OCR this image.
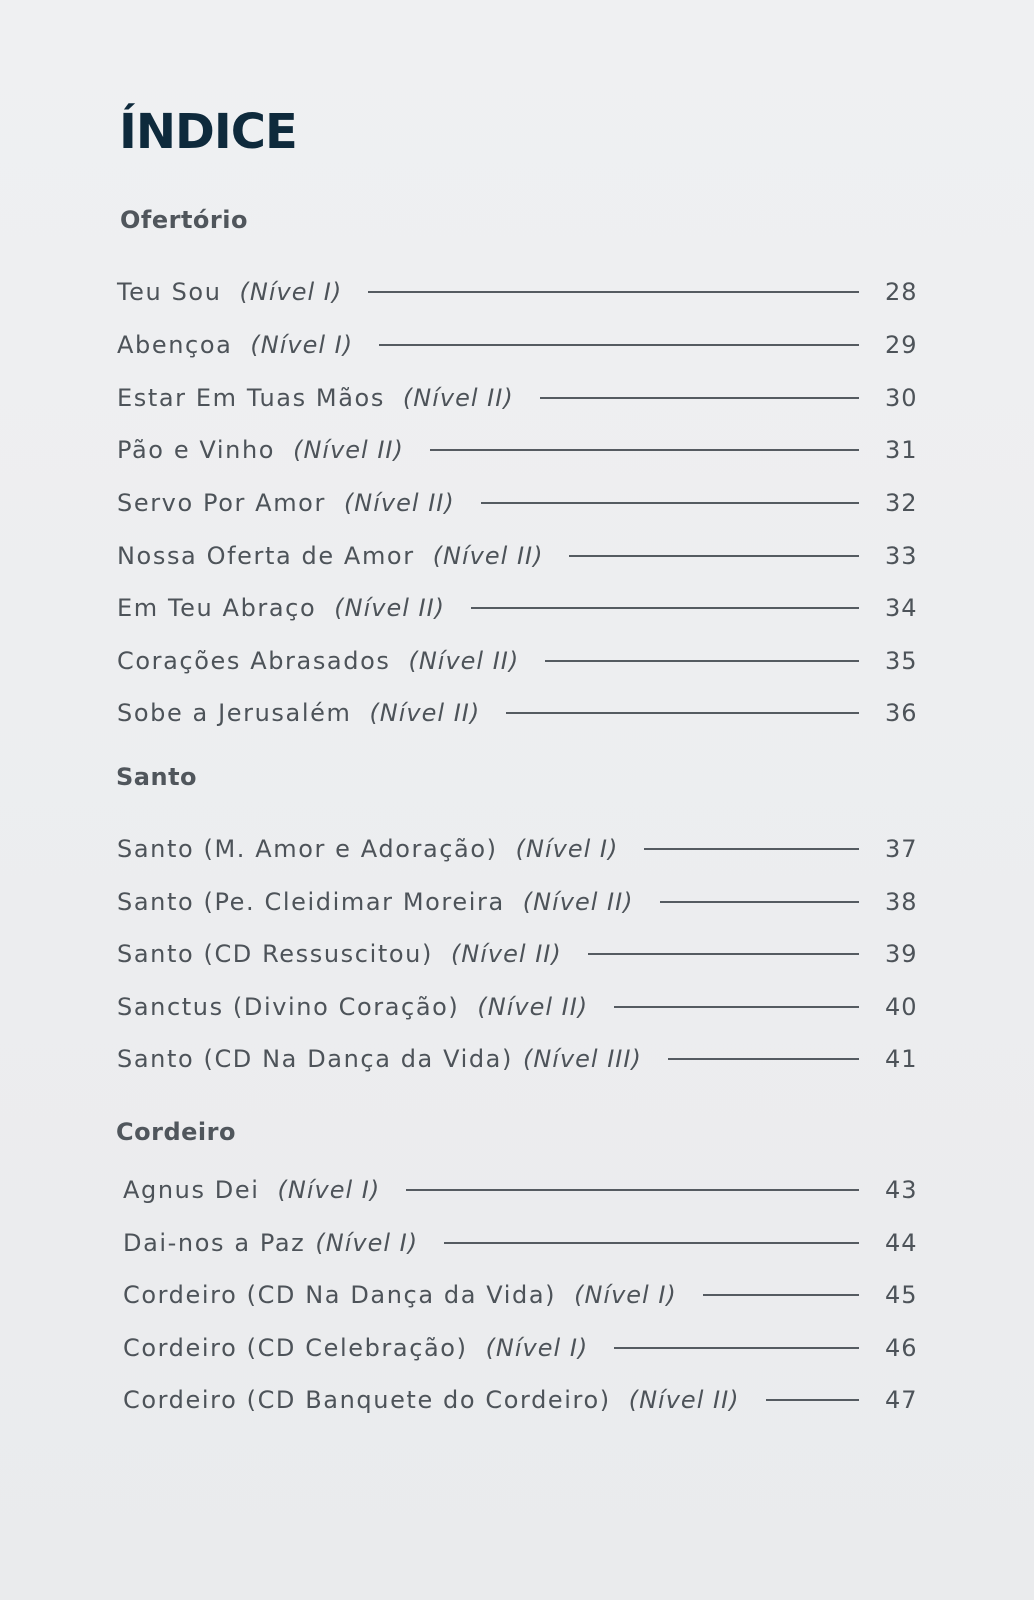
ÍNDICE
Ofertório
Teu Sou (Nível I)	28
Abençoa (Nível I)	29
Estar Em Tuas Mãos (Nível II)	30
Pão e Vinho (Nível II)	31
Servo Por Amor (Nível II)	32
Nossa Oferta de Amor (Nível II)	33
Em Teu Abraço (Nível II)	34
Corações Abrasados (Nível II)	35
Sobe a Jerusalém (Nível II)	36
Santo
Santo (M. Amor e Adoração) (Nível I)	37
Santo (Pe. Cleidimar Moreira (Nível II)	38
Santo (CD Ressuscitou) (Nível II)	39
Sanctus (Divino Coração) (Nível II)	40
Santo (CD Na Dança da Vida) (Nível III)	41
Cordeiro
Agnus Dei (Nível I)	43
Dai-nos a Paz (Nível I)	44
Cordeiro (CD Na Dança da Vida) (Nível I)	45
Cordeiro (CD Celebração) (Nível I)	46
Cordeiro (CD Banquete do Cordeiro) (Nível II)	47
